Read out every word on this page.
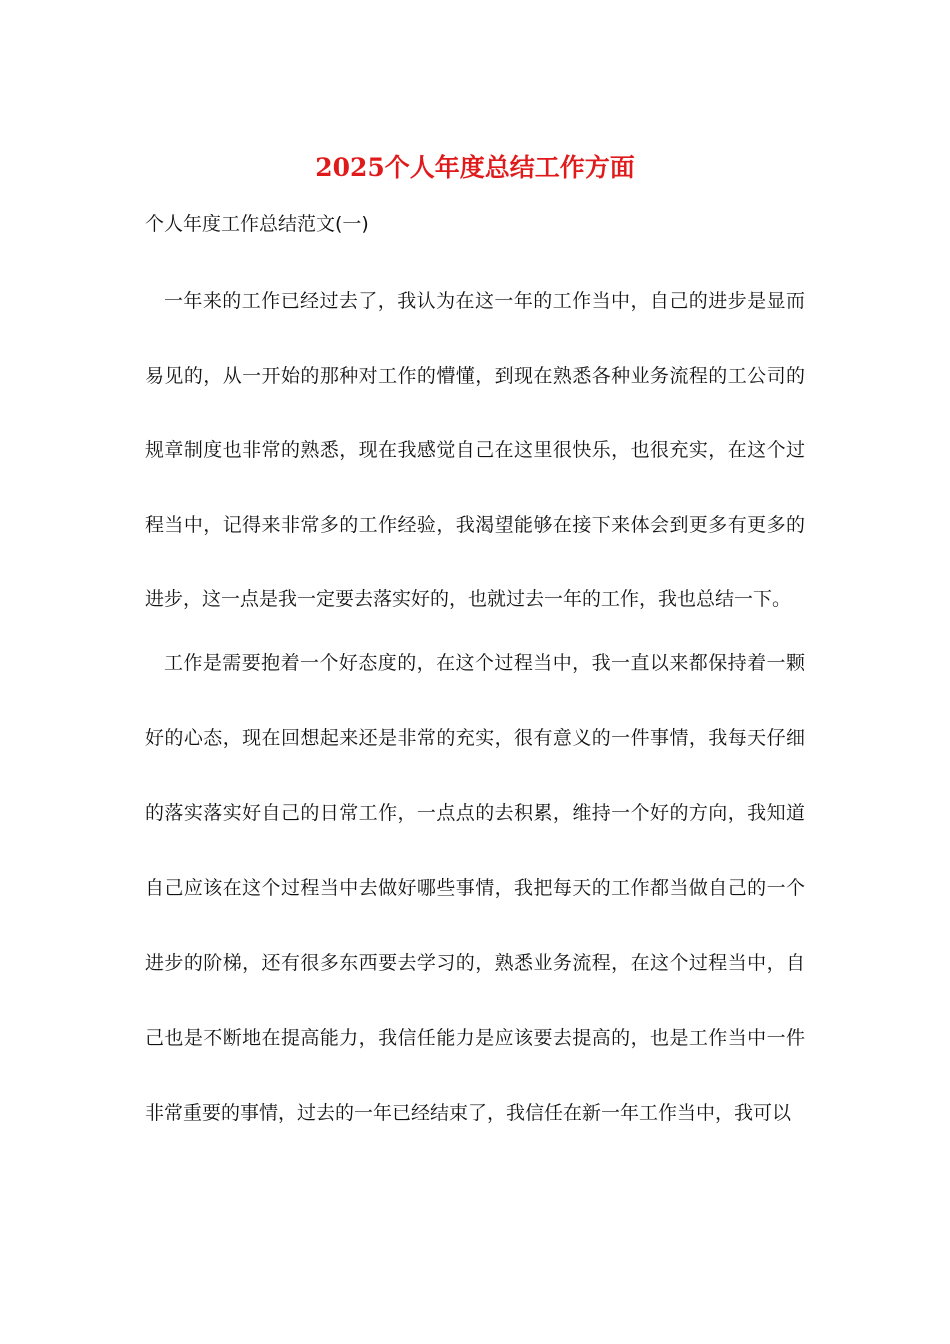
2025个人年度总结工作方面

个人年度工作总结范文(一)

一年来的工作已经过去了，我认为在这一年的工作当中，自己的进步是显而易见的，从一开始的那种对工作的懵懂，到现在熟悉各种业务流程的工公司的规章制度也非常的熟悉，现在我感觉自己在这里很快乐，也很充实，在这个过程当中，记得来非常多的工作经验，我渴望能够在接下来体会到更多有更多的进步，这一点是我一定要去落实好的，也就过去一年的工作，我也总结一下。

工作是需要抱着一个好态度的，在这个过程当中，我一直以来都保持着一颗好的心态，现在回想起来还是非常的充实，很有意义的一件事情，我每天仔细的落实落实好自己的日常工作，一点点的去积累，维持一个好的方向，我知道自己应该在这个过程当中去做好哪些事情，我把每天的工作都当做自己的一个进步的阶梯，还有很多东西要去学习的，熟悉业务流程，在这个过程当中，自己也是不断地在提高能力，我信任能力是应该要去提高的，也是工作当中一件非常重要的事情，过去的一年已经结束了，我信任在新一年工作当中，我可以
